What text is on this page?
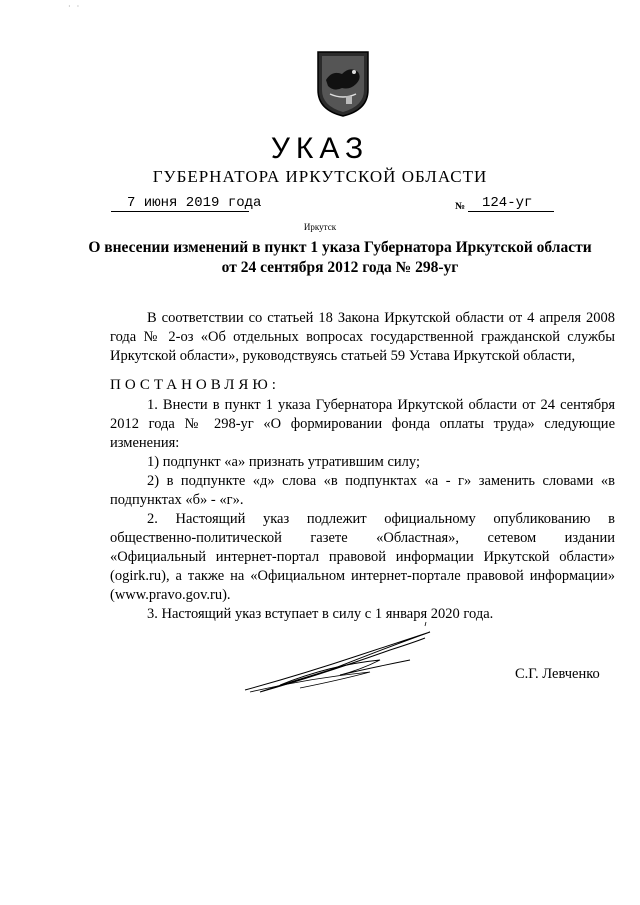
· ·
УКАЗ
ГУБЕРНАТОРА ИРКУТСКОЙ ОБЛАСТИ
7 июня 2019 года	№ 124-уг
Иркутск
О внесении изменений в пункт 1 указа Губернатора Иркутской области
от 24 сентября 2012 года № 298-уг

В соответствии со статьей 18 Закона Иркутской области от 4 апреля 2008 года № 2-оз «Об отдельных вопросах государственной гражданской службы Иркутской области», руководствуясь статьей 59 Устава Иркутской области,

ПОСТАНОВЛЯЮ:

1. Внести в пункт 1 указа Губернатора Иркутской области от 24 сентября 2012 года № 298-уг «О формировании фонда оплаты труда» следующие изменения:

1) подпункт «а» признать утратившим силу;

2) в подпункте «д» слова «в подпунктах «а - г» заменить словами «в подпунктах «б» - «г».

2. Настоящий указ подлежит официальному опубликованию в общественно-политической газете «Областная», сетевом издании «Официальный интернет-портал правовой информации Иркутской области» (ogirk.ru), а также на «Официальном интернет-портале правовой информации» (www.pravo.gov.ru).

3. Настоящий указ вступает в силу с 1 января 2020 года.

С.Г. Левченко
